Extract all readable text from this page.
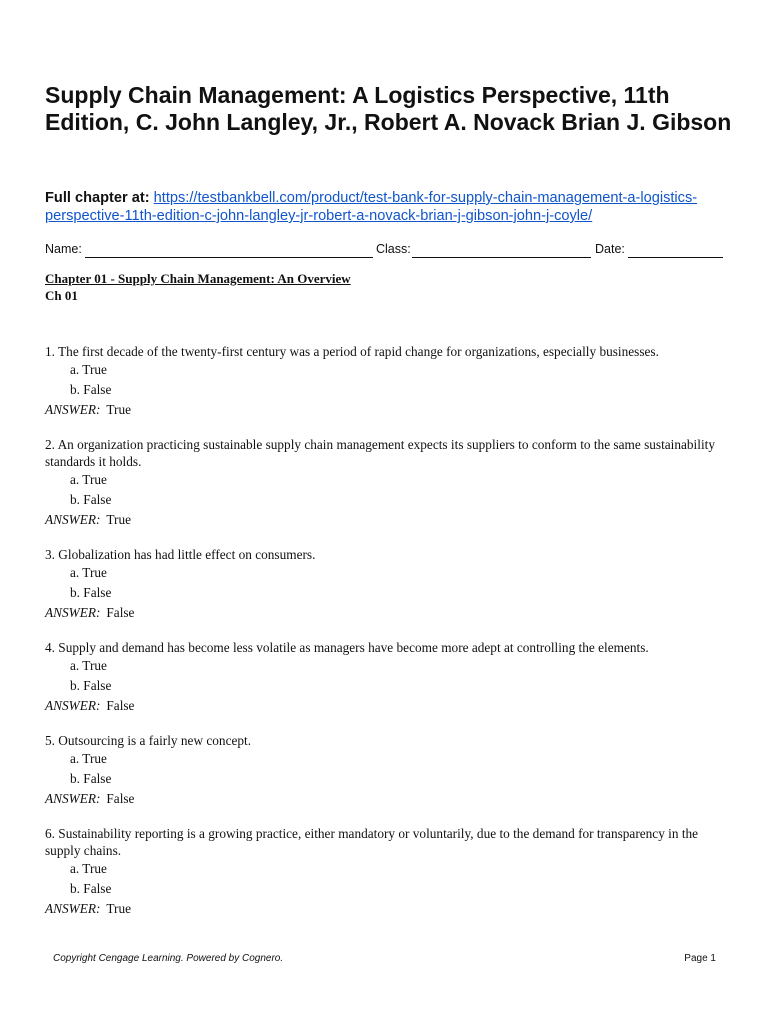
Supply Chain Management: A Logistics Perspective, 11th Edition, C. John Langley, Jr., Robert A. Novack Brian J. Gibson
Full chapter at: https://testbankbell.com/product/test-bank-for-supply-chain-management-a-logistics-perspective-11th-edition-c-john-langley-jr-robert-a-novack-brian-j-gibson-john-j-coyle/
Name:	Class:	Date:
Chapter 01 - Supply Chain Management: An Overview
Ch 01
1. The first decade of the twenty-first century was a period of rapid change for organizations, especially businesses.
a. True
b. False
ANSWER: True
2. An organization practicing sustainable supply chain management expects its suppliers to conform to the same sustainability standards it holds.
a. True
b. False
ANSWER: True
3. Globalization has had little effect on consumers.
a. True
b. False
ANSWER: False
4. Supply and demand has become less volatile as managers have become more adept at controlling the elements.
a. True
b. False
ANSWER: False
5. Outsourcing is a fairly new concept.
a. True
b. False
ANSWER: False
6. Sustainability reporting is a growing practice, either mandatory or voluntarily, due to the demand for transparency in the supply chains.
a. True
b. False
ANSWER: True
Copyright Cengage Learning. Powered by Cognero.	Page 1
